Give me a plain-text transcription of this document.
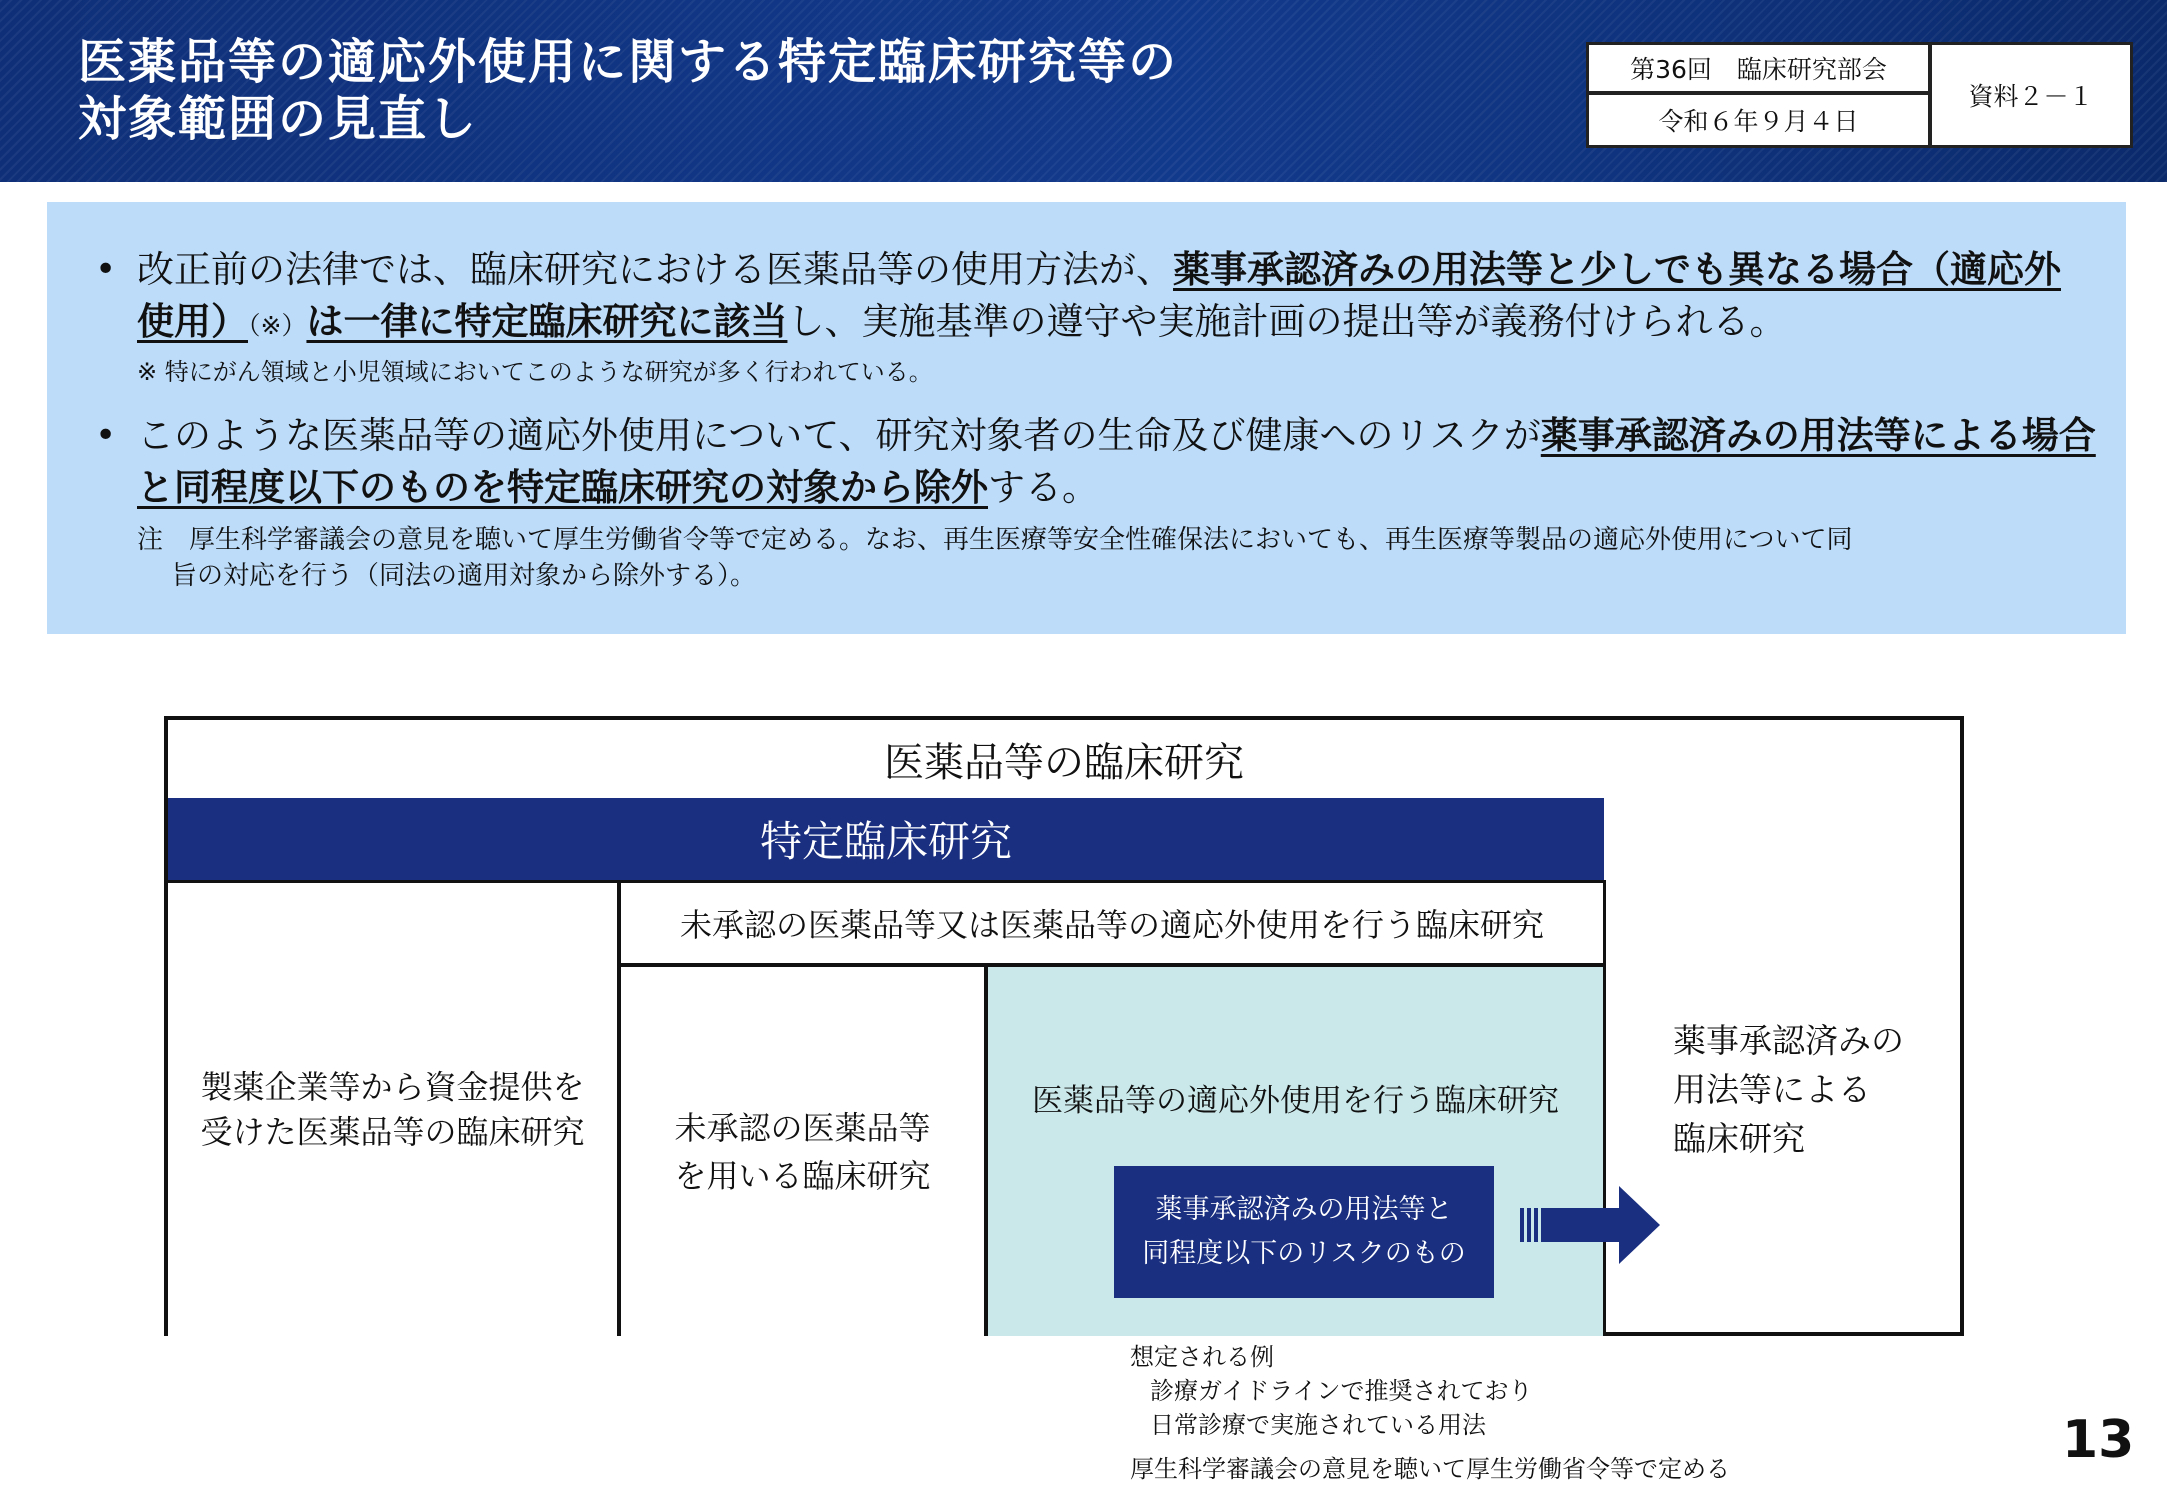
医薬品等の適応外使用に関する特定臨床研究等の
対象範囲の見直し
第36回　臨床研究部会
令和６年９月４日
資料２－１
• 改正前の法律では、臨床研究における医薬品等の使用方法が、薬事承認済みの用法等と少しでも異なる場合（適応外使用）（※）は一律に特定臨床研究に該当し、実施基準の遵守や実施計画の提出等が義務付けられる。
※ 特にがん領域と小児領域においてこのような研究が多く行われている。
• このような医薬品等の適応外使用について、研究対象者の生命及び健康へのリスクが薬事承認済みの用法等による場合と同程度以下のものを特定臨床研究の対象から除外する。
注　厚生科学審議会の意見を聴いて厚生労働省令等で定める。なお、再生医療等安全性確保法においても、再生医療等製品の適応外使用について同
旨の対応を行う（同法の適用対象から除外する）。
医薬品等の臨床研究
特定臨床研究
製薬企業等から資金提供を
受けた医薬品等の臨床研究
未承認の医薬品等又は医薬品等の適応外使用を行う臨床研究
未承認の医薬品等
を用いる臨床研究
医薬品等の適応外使用を行う臨床研究
薬事承認済みの用法等と
同程度以下のリスクのもの
薬事承認済みの
用法等による
臨床研究
想定される例
診療ガイドラインで推奨されており
日常診療で実施されている用法
厚生科学審議会の意見を聴いて厚生労働省令等で定める	13
